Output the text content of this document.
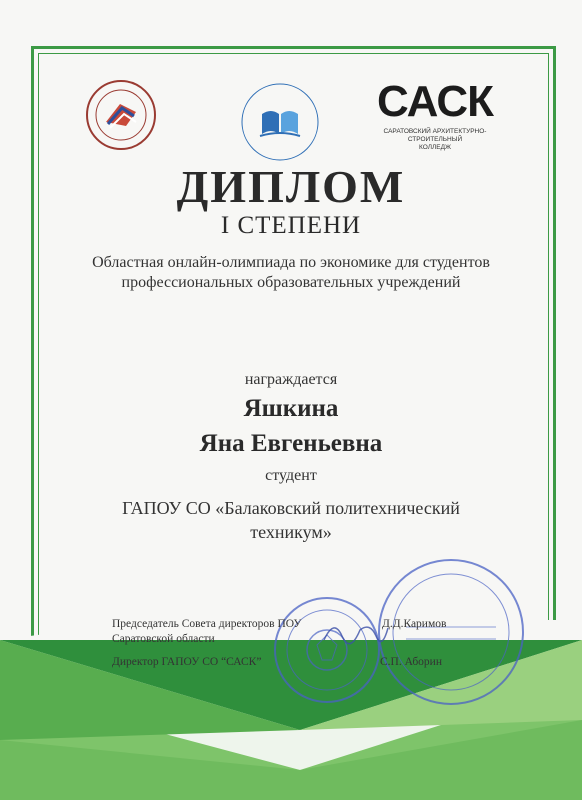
САСК
САРАТОВСКИЙ АРХИТЕКТУРНО-СТРОИТЕЛЬНЫЙ
КОЛЛЕДЖ
ДИПЛОМ
I СТЕПЕНИ
Областная онлайн-олимпиада по экономике для студентов
профессиональных образовательных учреждений
награждается
Яшкина
Яна Евгеньевна
студент
ГАПОУ СО «Балаковский политехнический
техникум»
Председатель Совета директоров ПОУ
Саратовской области
Д.Д.Каримов
Директор ГАПОУ СО “САСК”	С.П. Аборин
